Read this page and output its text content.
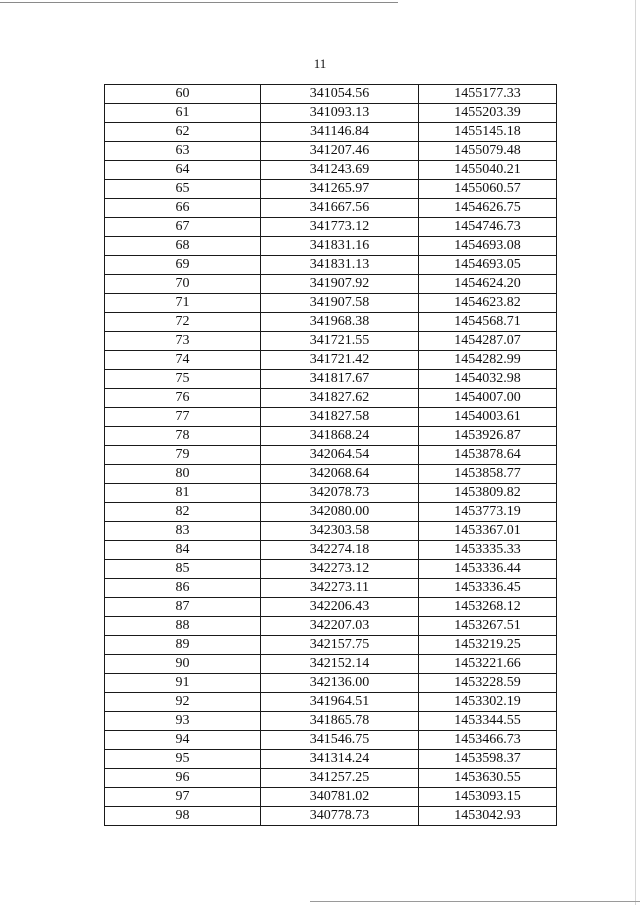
11
60	341054.56	1455177.33
61	341093.13	1455203.39
62	341146.84	1455145.18
63	341207.46	1455079.48
64	341243.69	1455040.21
65	341265.97	1455060.57
66	341667.56	1454626.75
67	341773.12	1454746.73
68	341831.16	1454693.08
69	341831.13	1454693.05
70	341907.92	1454624.20
71	341907.58	1454623.82
72	341968.38	1454568.71
73	341721.55	1454287.07
74	341721.42	1454282.99
75	341817.67	1454032.98
76	341827.62	1454007.00
77	341827.58	1454003.61
78	341868.24	1453926.87
79	342064.54	1453878.64
80	342068.64	1453858.77
81	342078.73	1453809.82
82	342080.00	1453773.19
83	342303.58	1453367.01
84	342274.18	1453335.33
85	342273.12	1453336.44
86	342273.11	1453336.45
87	342206.43	1453268.12
88	342207.03	1453267.51
89	342157.75	1453219.25
90	342152.14	1453221.66
91	342136.00	1453228.59
92	341964.51	1453302.19
93	341865.78	1453344.55
94	341546.75	1453466.73
95	341314.24	1453598.37
96	341257.25	1453630.55
97	340781.02	1453093.15
98	340778.73	1453042.93
